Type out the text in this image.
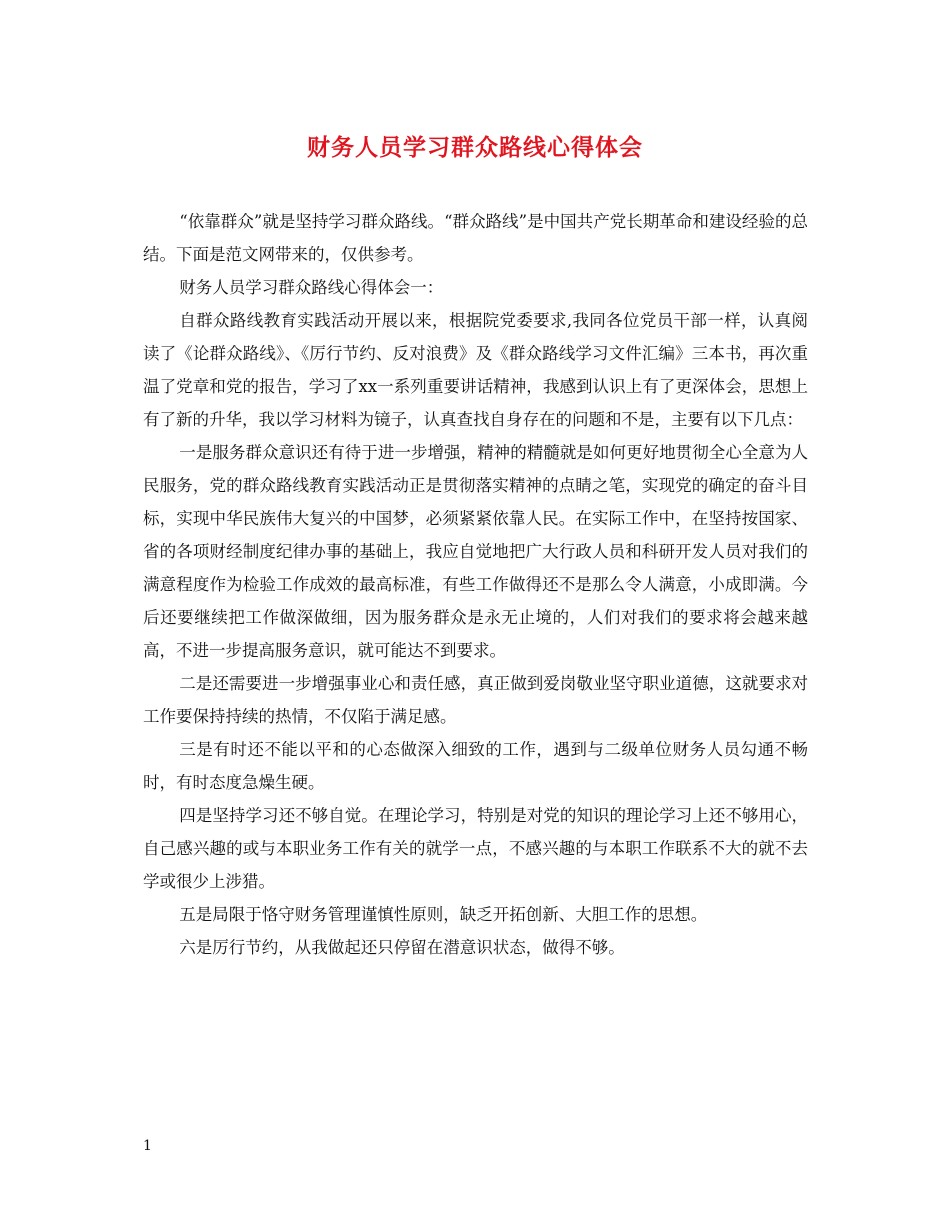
财务人员学习群众路线心得体会

“依靠群众”就是坚持学习群众路线。“群众路线”是中国共产党长期革命和建设经验的总结。下面是范文网带来的，仅供参考。

财务人员学习群众路线心得体会一：

自群众路线教育实践活动开展以来，根据院党委要求,我同各位党员干部一样，认真阅读了《论群众路线》、《厉行节约、反对浪费》及《群众路线学习文件汇编》三本书，再次重温了党章和党的报告，学习了xx一系列重要讲话精神，我感到认识上有了更深体会，思想上有了新的升华，我以学习材料为镜子，认真查找自身存在的问题和不是，主要有以下几点：

一是服务群众意识还有待于进一步增强，精神的精髓就是如何更好地贯彻全心全意为人民服务，党的群众路线教育实践活动正是贯彻落实精神的点睛之笔，实现党的确定的奋斗目标，实现中华民族伟大复兴的中国梦，必须紧紧依靠人民。在实际工作中，在坚持按国家、省的各项财经制度纪律办事的基础上，我应自觉地把广大行政人员和科研开发人员对我们的满意程度作为检验工作成效的最高标准，有些工作做得还不是那么令人满意，小成即满。今后还要继续把工作做深做细，因为服务群众是永无止境的，人们对我们的要求将会越来越高，不进一步提高服务意识，就可能达不到要求。

二是还需要进一步增强事业心和责任感，真正做到爱岗敬业坚守职业道德，这就要求对工作要保持持续的热情，不仅陷于满足感。

三是有时还不能以平和的心态做深入细致的工作，遇到与二级单位财务人员勾通不畅时，有时态度急燥生硬。

四是坚持学习还不够自觉。在理论学习，特别是对党的知识的理论学习上还不够用心，自己感兴趣的或与本职业务工作有关的就学一点，不感兴趣的与本职工作联系不大的就不去学或很少上涉猎。

五是局限于恪守财务管理谨慎性原则，缺乏开拓创新、大胆工作的思想。

六是厉行节约，从我做起还只停留在潜意识状态，做得不够。

1
